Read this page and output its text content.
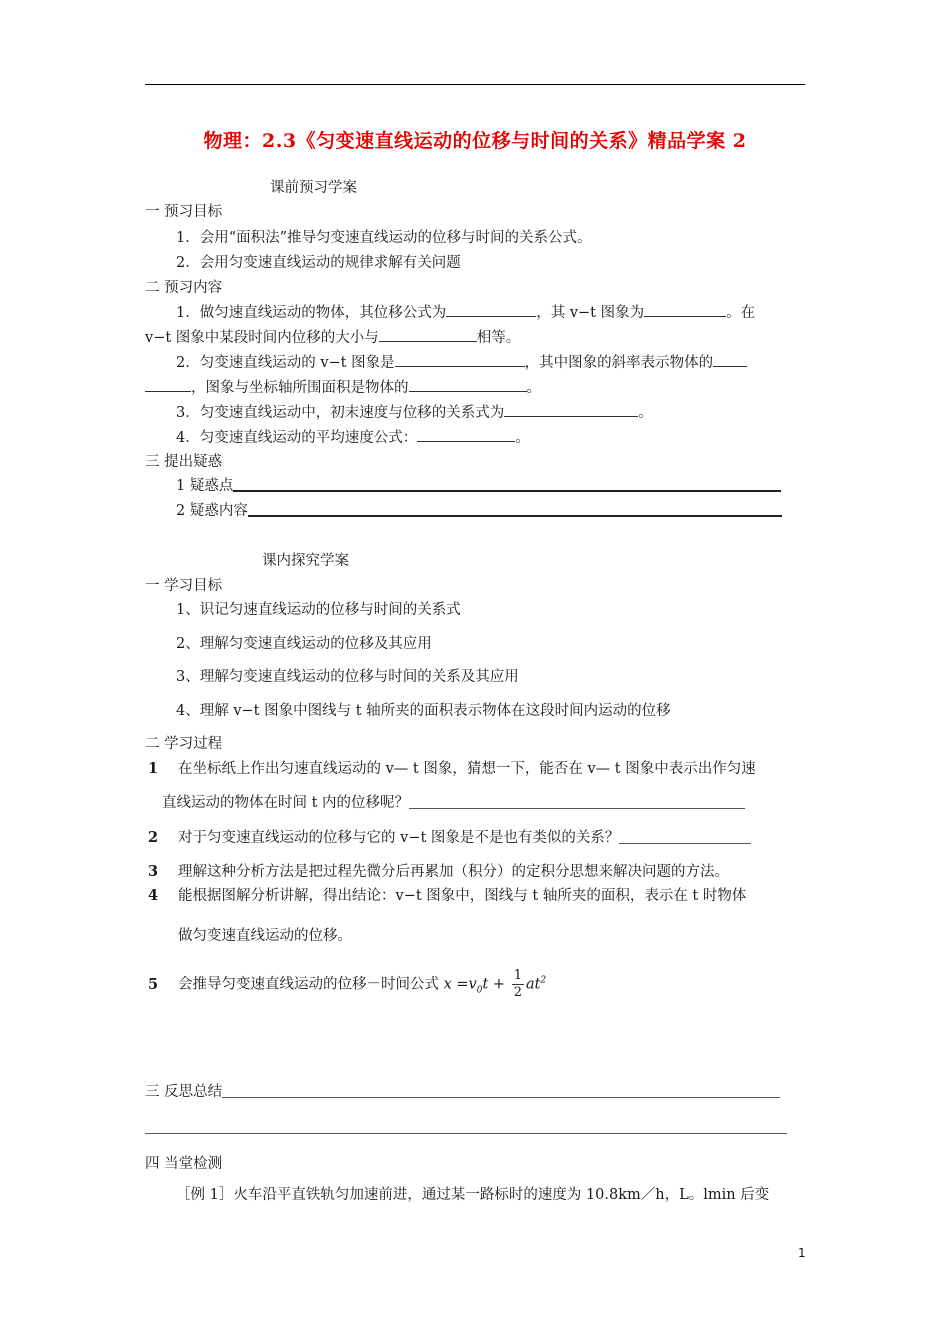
物理：2.3《匀变速直线运动的位移与时间的关系》精品学案 2
课前预习学案
一 预习目标
1．会用“面积法”推导匀变速直线运动的位移与时间的关系公式。
2．会用匀变速直线运动的规律求解有关问题
二 预习内容
1．做匀速直线运动的物体，其位移公式为	，其 v−t 图象为	。在
v−t 图象中某段时间内位移的大小与	相等。
2．匀变速直线运动的 v−t 图象是	，其中图象的斜率表示物体的
，图象与坐标轴所围面积是物体的	。
3．匀变速直线运动中，初末速度与位移的关系式为	。
4．匀变速直线运动的平均速度公式：	。
三 提出疑惑
1 疑惑点
2 疑惑内容
课内探究学案
一 学习目标
1、识记匀速直线运动的位移与时间的关系式
2、理解匀变速直线运动的位移及其应用
3、理解匀变速直线运动的位移与时间的关系及其应用
4、理解 v−t 图象中图线与 t 轴所夹的面积表示物体在这段时间内运动的位移
二 学习过程
1 在坐标纸上作出匀速直线运动的 v— t 图象，猜想一下，能否在 v— t 图象中表示出作匀速
直线运动的物体在时间 t 内的位移呢？
2 对于匀变速直线运动的位移与它的 v−t 图象是不是也有类似的关系？
3 理解这种分析方法是把过程先微分后再累加（积分）的定积分思想来解决问题的方法。
4 能根据图解分析讲解，得出结论：v−t 图象中，图线与 t 轴所夹的面积，表示在 t 时物体
做匀变速直线运动的位移。
5 会推导匀变速直线运动的位移－时间公式 $x =v_0t + \frac{1}{2} at^2$
三 反思总结
四 当堂检测
［例 1］火车沿平直铁轨匀加速前进，通过某一路标时的速度为 10.8km／h，L。lmin 后变
1
